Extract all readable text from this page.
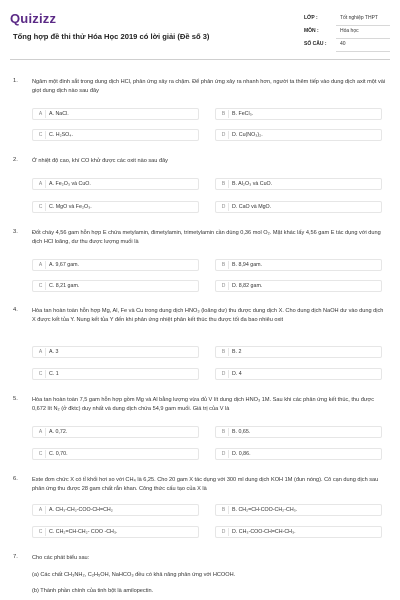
Quizizz
Tổng hợp đề thi thử Hóa Học 2019 có lời giải (Đề số 3)
LỚP :	Tốt nghiệp THPT
MÔN :	Hóa học
SỐ CÂU :	40
1.	Ngâm một đinh sắt trong dung dịch HCl, phản ứng xảy ra chậm. Để phản ứng xảy ra nhanh hơn, người ta thêm tiếp vào dung dịch axit một vài giọt dung dịch nào sau đây
A	A. NaCl.	B	B. FeCl₃.
C	C. H₂SO₄.	D	D. Cu(NO₃)₂.
2.	Ở nhiệt độ cao, khí CO khử được các oxit nào sau đây
A	A. Fe₂O₃ và CuO.	B	B. Al₂O₃ và CuO.
C	C. MgO và Fe₂O₃.	D	D. CaO và MgO.
3.	Đốt cháy 4,56 gam hỗn hợp E chứa metylamin, đimetylamin, trimetylamin cần dùng 0,36 mol O₂. Mặt khác lấy 4,56 gam E tác dụng với dung dịch HCl loãng, dư thu được lượng muối là
A	A. 9,67 gam.	B	B. 8,94 gam.
C	C. 8,21 gam.	D	D. 8,82 gam.
4.	Hòa tan hoàn toàn hỗn hợp Mg, Al, Fe và Cu trong dung dịch HNO₃ (loãng dư) thu được dung dịch X. Cho dung dịch NaOH dư vào dung dịch X được kết tủa Y. Nung kết tủa Y đến khi phản ứng nhiệt phân kết thúc thu được tối đa bao nhiêu oxit
A	A. 3	B	B. 2
C	C. 1	D	D. 4
5.	Hòa tan hoàn toàn 7,5 gam hỗn hợp gồm Mg và Al bằng lượng vừa đủ V lít dung dịch HNO₃ 1M. Sau khi các phản ứng kết thúc, thu được 0,672 lít N₂ (ở đktc) duy nhất và dung dịch chứa 54,9 gam muối. Giá trị của V là
A	A. 0,72.	B	B. 0,65.
C	C. 0,70.	D	D. 0,86.
6.	Este đơn chức X có tỉ khối hơi so với CH₄ là 6,25. Cho 20 gam X tác dụng với 300 ml dung dịch KOH 1M (đun nóng). Cô cạn dung dịch sau phản ứng thu được 28 gam chất rắn khan. Công thức cấu tạo của X là
A	A. CH₃-CH₂-COO-CH=CH₂	B	B. CH₂=CH-COO-CH₂-CH₃.
C	C. CH₂=CH-CH₂- COO -CH₃.	D	D. CH₃-COO-CH=CH-CH₃.
7.	Cho các phát biểu sau:
(a) Các chất CH₃NH₂, C₂H₅OH, NaHCO₃ đều có khả năng phản ứng với HCOOH.
(b) Thành phần chính của tinh bột là amilopectin.
